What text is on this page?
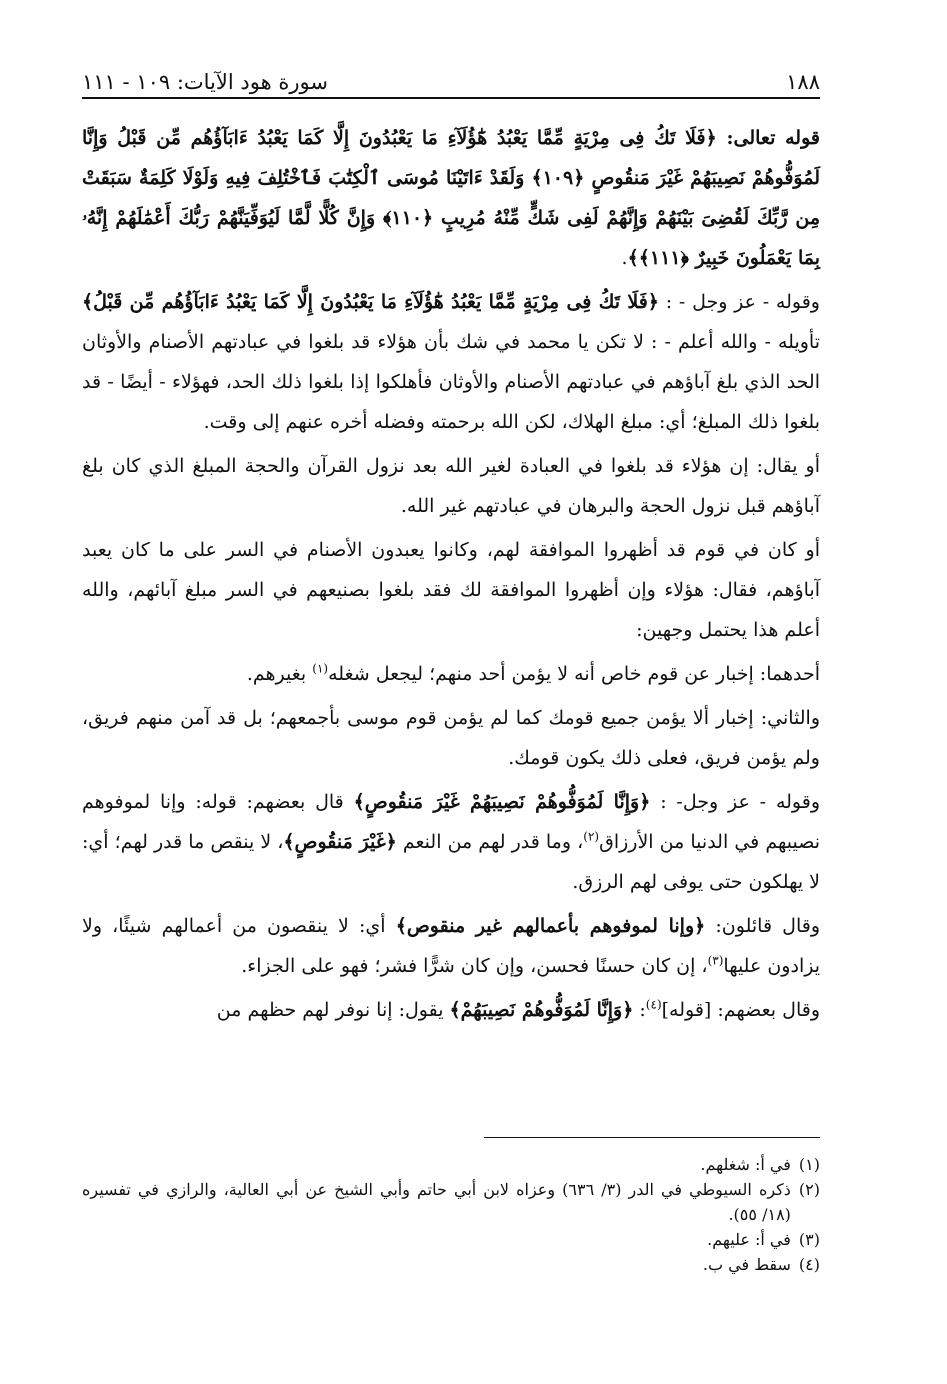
١٨٨
سورة هود الآيات: ١٠٩ - ١١١

قوله تعالى: ﴿فَلَا تَكُ فِى مِرْيَةٍ مِّمَّا يَعْبُدُ هَٰٓؤُلَآءِ مَا يَعْبُدُونَ إِلَّا كَمَا يَعْبُدُ ءَابَآؤُهُم مِّن قَبْلُ وَإِنَّا لَمُوَفُّوهُمْ نَصِيبَهُمْ غَيْرَ مَنقُوصٍ ﴿١٠٩﴾ وَلَقَدْ ءَاتَيْنَا مُوسَى ٱلْكِتَٰبَ فَٱخْتُلِفَ فِيهِ وَلَوْلَا كَلِمَةٌ سَبَقَتْ مِن رَّبِّكَ لَقُضِىَ بَيْنَهُمْ وَإِنَّهُمْ لَفِى شَكٍّ مِّنْهُ مُرِيبٍ ﴿١١٠﴾ وَإِنَّ كُلًّا لَّمَّا لَيُوَفِّيَنَّهُمْ رَبُّكَ أَعْمَٰلَهُمْ إِنَّهُۥ بِمَا يَعْمَلُونَ خَبِيرٌ ﴿١١١﴾﴾.

وقوله - عز وجل - : ﴿فَلَا تَكُ فِى مِرْيَةٍ مِّمَّا يَعْبُدُ هَٰٓؤُلَآءِ مَا يَعْبُدُونَ إِلَّا كَمَا يَعْبُدُ ءَابَآؤُهُم مِّن قَبْلُ﴾ تأويله - والله أعلم - : لا تكن يا محمد في شك بأن هؤلاء قد بلغوا في عبادتهم الأصنام والأوثان الحد الذي بلغ آباؤهم في عبادتهم الأصنام والأوثان فأهلكوا إذا بلغوا ذلك الحد، فهؤلاء - أيضًا - قد بلغوا ذلك المبلغ؛ أي: مبلغ الهلاك، لكن الله برحمته وفضله أخره عنهم إلى وقت.

أو يقال: إن هؤلاء قد بلغوا في العبادة لغير الله بعد نزول القرآن والحجة المبلغ الذي كان بلغ آباؤهم قبل نزول الحجة والبرهان في عبادتهم غير الله.

أو كان في قوم قد أظهروا الموافقة لهم، وكانوا يعبدون الأصنام في السر على ما كان يعبد آباؤهم، فقال: هؤلاء وإن أظهروا الموافقة لك فقد بلغوا بصنيعهم في السر مبلغ آبائهم، والله أعلم هذا يحتمل وجهين:

أحدهما: إخبار عن قوم خاص أنه لا يؤمن أحد منهم؛ ليجعل شغله$^{(١)}$ بغيرهم.

والثاني: إخبار ألا يؤمن جميع قومك كما لم يؤمن قوم موسى بأجمعهم؛ بل قد آمن منهم فريق، ولم يؤمن فريق، فعلى ذلك يكون قومك.

وقوله - عز وجل- : ﴿وَإِنَّا لَمُوَفُّوهُمْ نَصِيبَهُمْ غَيْرَ مَنقُوصٍ﴾ قال بعضهم: قوله: وإنا لموفوهم نصيبهم في الدنيا من الأرزاق$^{(٢)}$، وما قدر لهم من النعم ﴿غَيْرَ مَنقُوصٍ﴾، لا ينقص ما قدر لهم؛ أي: لا يهلكون حتى يوفى لهم الرزق.

وقال قائلون: ﴿وإنا لموفوهم بأعمالهم غير منقوص﴾ أي: لا ينقصون من أعمالهم شيئًا، ولا يزادون عليها$^{(٣)}$، إن كان حسنًا فحسن، وإن كان شرًّا فشر؛ فهو على الجزاء.

وقال بعضهم: [قوله]$^{(٤)}$: ﴿وَإِنَّا لَمُوَفُّوهُمْ نَصِيبَهُمْ﴾ يقول: إنا نوفر لهم حظهم من

(١)
في أ: شغلهم.
(٢)
ذكره السيوطي في الدر (٣/ ٦٣٦) وعزاه لابن أبي حاتم وأبي الشيخ عن أبي العالية، والرازي في تفسيره (١٨/ ٥٥).
(٣)
في أ: عليهم.
(٤)
سقط في ب.
